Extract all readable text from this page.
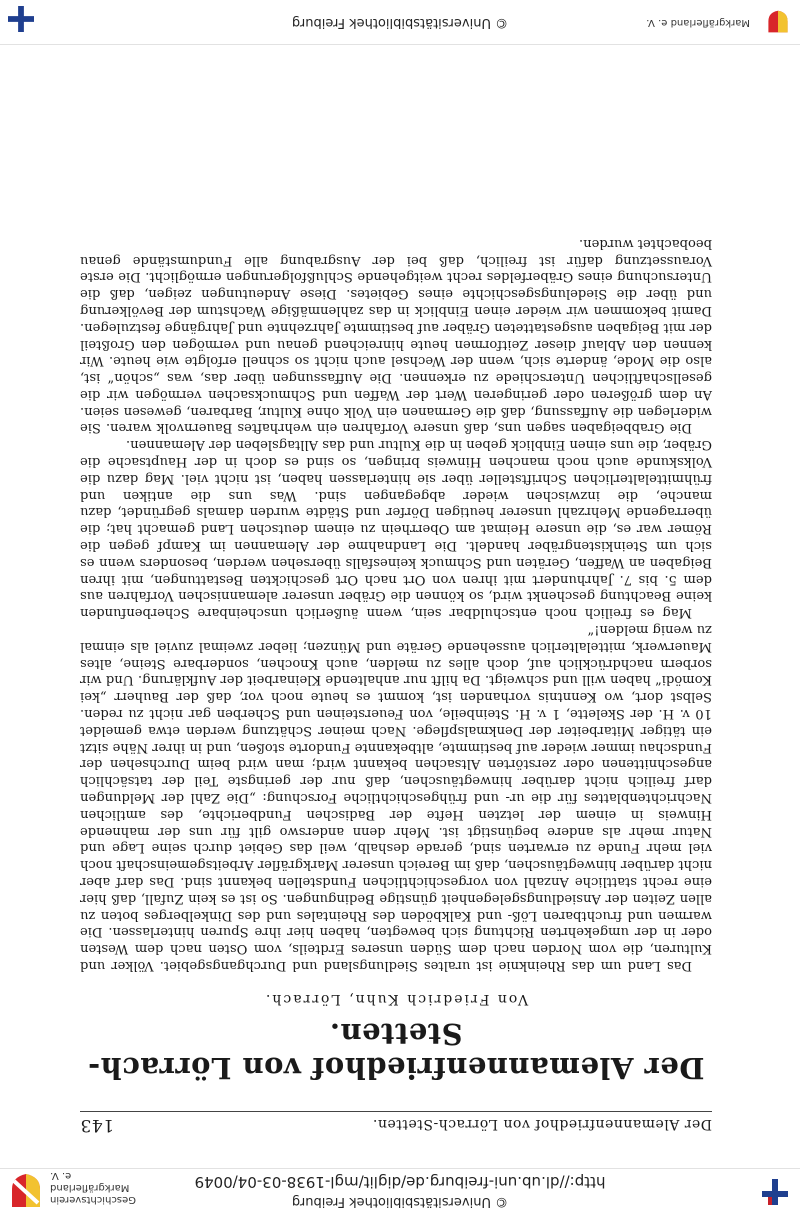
© Universitätsbibliothek Freiburg
http://dl.ub.uni-freiburg.de/diglit/mgl-1938-03-04/0049
Geschichtsverein Markgräflerland e. V.
Der Alemannenfriedhof von Lörrach-Stetten.
143
Der Alemannenfriedhof von Lörrach-Stetten.
Von Friedrich Kuhn, Lörrach.

Das Land um das Rheinknie ist uraltes Siedlungsland und Durchgangsgebiet. Völker und Kulturen, die vom Norden nach dem Süden unseres Erdteils, vom Osten nach dem Westen oder in der umgekehrten Richtung sich bewegten, haben hier ihre Spuren hinterlassen. Die warmen und fruchtbaren Löß- und Kalkböden des Rheintales und des Dinkelberges boten zu allen Zeiten der Ansiedlungsgelegenheit günstige Bedingungen. So ist es kein Zufall, daß hier eine recht stattliche Anzahl von vorgeschichtlichen Fundstellen bekannt sind. Das darf aber nicht darüber hinwegtäuschen, daß im Bereich unserer Markgräfler Arbeitsgemeinschaft noch viel mehr Funde zu erwarten sind, gerade deshalb, weil das Gebiet durch seine Lage und Natur mehr als andere begünstigt ist. Mehr denn anderswo gilt für uns der mahnende Hinweis in einem der letzten Hefte der Badischen Fundberichte, des amtlichen Nachrichtenblattes für die ur- und frühgeschichtliche Forschung: „Die Zahl der Meldungen darf freilich nicht darüber hinwegtäuschen, daß nur der geringste Teil der tatsächlich angeschnittenen oder zerstörten Altsachen bekannt wird; man wird beim Durchsehen der Fundschau immer wieder auf bestimmte, altbekannte Fundorte stoßen, und in ihrer Nähe sitzt ein tätiger Mitarbeiter der Denkmalspflege. Nach meiner Schätzung werden etwa gemeldet 10 v. H. der Skelette, 1 v. H. Steinbeile, von Feuersteinen und Scherben gar nicht zu reden. Selbst dort, wo Kenntnis vorhanden ist, kommt es heute noch vor, daß der Bauherr „kei Komödi“ haben will und schweigt. Da hilft nur anhaltende Kleinarbeit der Aufklärung. Und wir sorbern nachdrücklich auf, doch alles zu melden, auch Knochen, sonderbare Steine, altes Mauerwerk, mittelalterlich aussehende Geräte und Münzen; lieber zweimal zuviel als einmal zu wenig melden!“

Mag es freilich noch entschuldbar sein, wenn äußerlich unscheinbare Scherbenfunden keine Beachtung geschenkt wird, so können die Gräber unserer alemannischen Vorfahren aus dem 5. bis 7. Jahrhundert mit ihren von Ort nach Ort geschickten Bestattungen, mit ihren Beigaben an Waffen, Geräten und Schmuck keinesfalls übersehen werden, besonders wenn es sich um Steinkistengräber handelt. Die Landnahme der Alemannen im Kampf gegen die Römer war es, die unsere Heimat am Oberrhein zu einem deutschen Land gemacht hat; die überragende Mehrzahl unserer heutigen Dörfer und Städte wurden damals gegründet, dazu manche, die inzwischen wieder abgegangen sind. Was uns die antiken und frühmittelalterlichen Schriftsteller über sie hinterlassen haben, ist nicht viel. Mag dazu die Volkskunde auch noch manchen Hinweis bringen, so sind es doch in der Hauptsache die Gräber, die uns einen Einblick geben in die Kultur und das Alltagsleben der Alemannen.

Die Grabbeigaben sagen uns, daß unsere Vorfahren ein wehrhaftes Bauernvolk waren. Sie widerlegen die Auffassung, daß die Germanen ein Volk ohne Kultur, Barbaren, gewesen seien. An dem größeren oder geringeren Wert der Waffen und Schmucksachen vermögen wir die gesellschaftlichen Unterschiede zu erkennen. Die Auffassungen über das, was „schön“ ist, also die Mode, änderte sich, wenn der Wechsel auch nicht so schnell erfolgte wie heute. Wir kennen den Ablauf dieser Zeitformen heute hinreichend genau und vermögen den Großteil der mit Beigaben ausgestatteten Gräber auf bestimmte Jahrzehnte und Jahrgänge festzulegen. Damit bekommen wir wieder einen Einblick in das zahlenmäßige Wachstum der Bevölkerung und über die Siedelungsgeschichte eines Gebietes. Diese Andeutungen zeigen, daß die Untersuchung eines Gräberfeldes recht weitgehende Schlußfolgerungen ermöglicht. Die erste Voraussetzung dafür ist freilich, daß bei der Ausgrabung alle Fundumstände genau beobachtet wurden.

Markgräflerland e. V.
© Universitätsbibliothek Freiburg
